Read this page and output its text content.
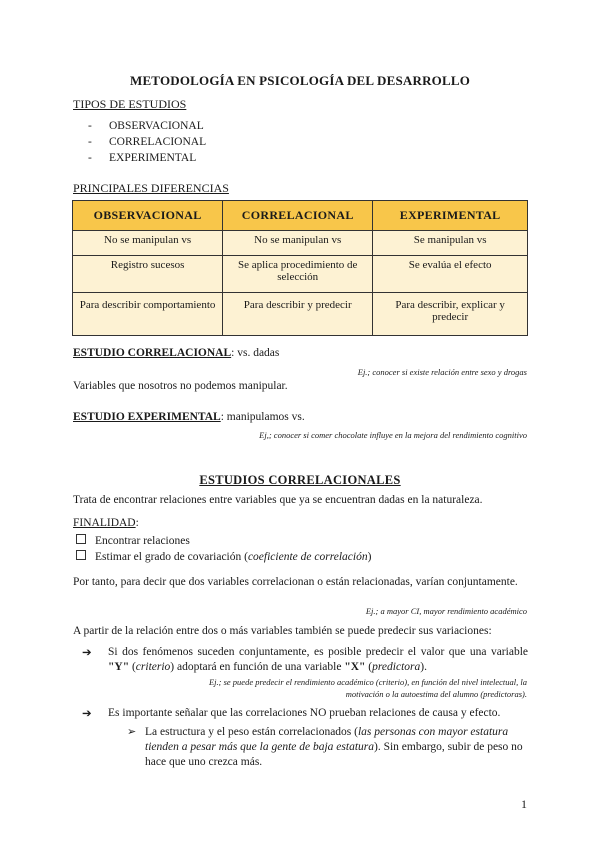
METODOLOGÍA EN PSICOLOGÍA DEL DESARROLLO
TIPOS DE ESTUDIOS
- OBSERVACIONAL
- CORRELACIONAL
- EXPERIMENTAL
PRINCIPALES DIFERENCIAS
OBSERVACIONAL	CORRELACIONAL	EXPERIMENTAL
No se manipulan vs	No se manipulan vs	Se manipulan vs
Registro sucesos	Se aplica procedimiento de selección	Se evalúa el efecto
Para describir comportamiento	Para describir y predecir	Para describir, explicar y predecir
ESTUDIO CORRELACIONAL: vs. dadas
Ej.; conocer si existe relación entre sexo y drogas
Variables que nosotros no podemos manipular.
ESTUDIO EXPERIMENTAL: manipulamos vs.
Ej,; conocer si comer chocolate influye en la mejora del rendimiento cognitivo
ESTUDIOS CORRELACIONALES
Trata de encontrar relaciones entre variables que ya se encuentran dadas en la naturaleza.
FINALIDAD:
Encontrar relaciones
Estimar el grado de covariación (coeficiente de correlación)
Por tanto, para decir que dos variables correlacionan o están relacionadas, varían conjuntamente.
Ej.; a mayor CI, mayor rendimiento académico
A partir de la relación entre dos o más variables también se puede predecir sus variaciones:
➔ Si dos fenómenos suceden conjuntamente, es posible predecir el valor que una variable "Y" (criterio) adoptará en función de una variable "X" (predictora).
Ej.; se puede predecir el rendimiento académico (criterio), en función del nivel intelectual, la
motivación o la autoestima del alumno (predictoras).
➔ Es importante señalar que las correlaciones NO prueban relaciones de causa y efecto.
➢ La estructura y el peso están correlacionados (las personas con mayor estatura tienden a pesar más que la gente de baja estatura). Sin embargo, subir de peso no hace que uno crezca más.
1
